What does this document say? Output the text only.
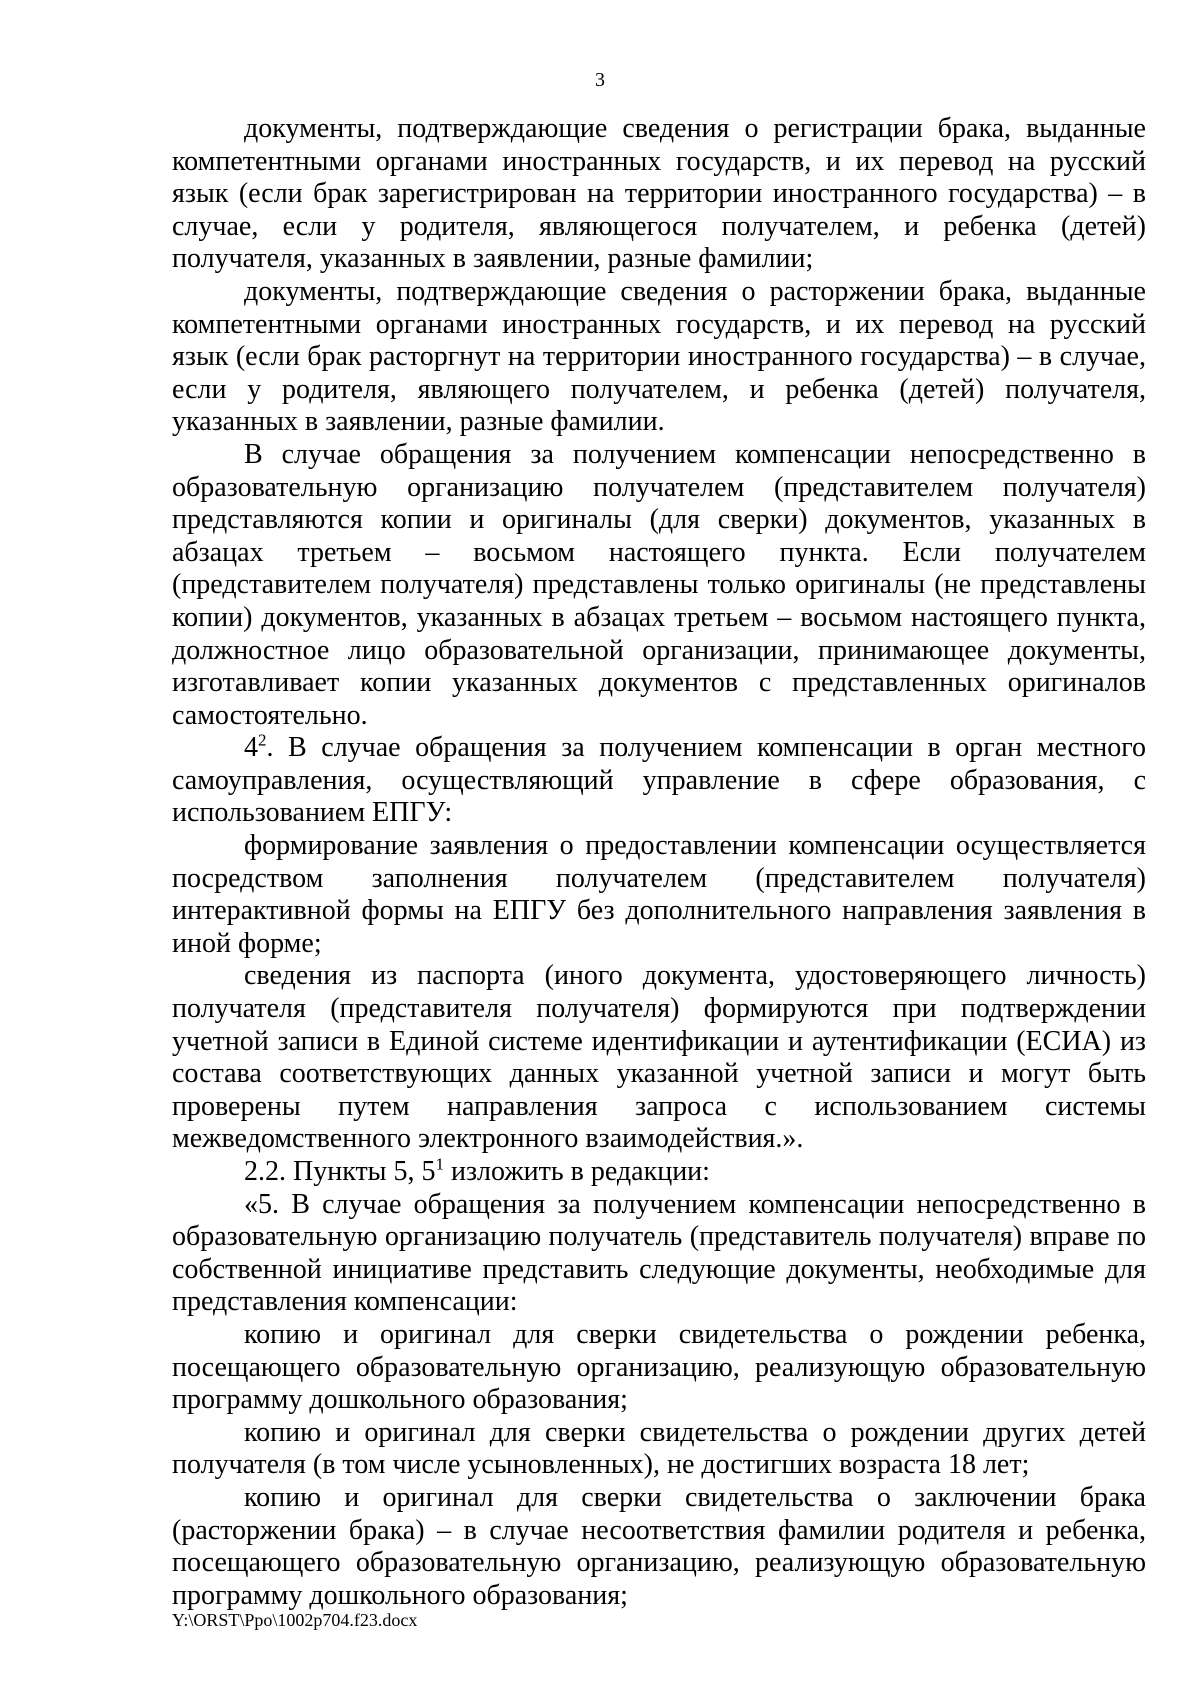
3

документы, подтверждающие сведения о регистрации брака, выданные компетентными органами иностранных государств, и их перевод на русский язык (если брак зарегистрирован на территории иностранного государства) – в случае, если у родителя, являющегося получателем, и ребенка (детей) получателя, указанных в заявлении, разные фамилии;

документы, подтверждающие сведения о расторжении брака, выданные компетентными органами иностранных государств, и их перевод на русский язык (если брак расторгнут на территории иностранного государства) – в случае, если у родителя, являющего получателем, и ребенка (детей) получателя, указанных в заявлении, разные фамилии.

В случае обращения за получением компенсации непосредственно в образовательную организацию получателем (представителем получателя) представляются копии и оригиналы (для сверки) документов, указанных в абзацах третьем – восьмом настоящего пункта. Если получателем (представителем получателя) представлены только оригиналы (не представлены копии) документов, указанных в абзацах третьем – восьмом настоящего пункта, должностное лицо образовательной организации, принимающее документы, изготавливает копии указанных документов с представленных оригиналов самостоятельно.

$4^2$. В случае обращения за получением компенсации в орган местного самоуправления, осуществляющий управление в сфере образования, с использованием ЕПГУ:

формирование заявления о предоставлении компенсации осуществляется посредством заполнения получателем (представителем получателя) интерактивной формы на ЕПГУ без дополнительного направления заявления в иной форме;

сведения из паспорта (иного документа, удостоверяющего личность) получателя (представителя получателя) формируются при подтверждении учетной записи в Единой системе идентификации и аутентификации (ЕСИА) из состава соответствующих данных указанной учетной записи и могут быть проверены путем направления запроса с использованием системы межведомственного электронного взаимодействия.».

2.2. Пункты 5, $5^1$ изложить в редакции:

«5. В случае обращения за получением компенсации непосредственно в образовательную организацию получатель (представитель получателя) вправе по собственной инициативе представить следующие документы, необходимые для представления компенсации:

копию и оригинал для сверки свидетельства о рождении ребенка, посещающего образовательную организацию, реализующую образовательную программу дошкольного образования;

копию и оригинал для сверки свидетельства о рождении других детей получателя (в том числе усыновленных), не достигших возраста 18 лет;

копию и оригинал для сверки свидетельства о заключении брака (расторжении брака) – в случае несоответствия фамилии родителя и ребенка, посещающего образовательную организацию, реализующую образовательную программу дошкольного образования;

Y:\ORST\Ppo\1002p704.f23.docx
